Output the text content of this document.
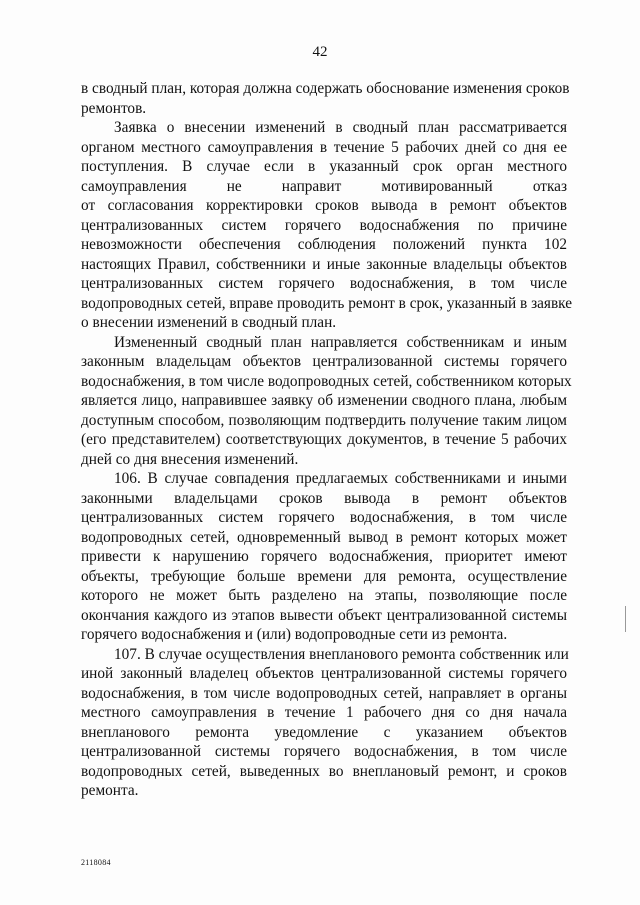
42
в сводный план, которая должна содержать обоснование изменения сроков
ремонтов.
Заявка о внесении изменений в сводный план рассматривается
органом местного самоуправления в течение 5 рабочих дней со дня ее
поступления. В случае если в указанный срок орган местного
самоуправления не направит мотивированный отказ
от согласования корректировки сроков вывода в ремонт объектов
централизованных систем горячего водоснабжения по причине
невозможности обеспечения соблюдения положений пункта 102
настоящих Правил, собственники и иные законные владельцы объектов
централизованных систем горячего водоснабжения, в том числе
водопроводных сетей, вправе проводить ремонт в срок, указанный в заявке
о внесении изменений в сводный план.
Измененный сводный план направляется собственникам и иным
законным владельцам объектов централизованной системы горячего
водоснабжения, в том числе водопроводных сетей, собственником которых
является лицо, направившее заявку об изменении сводного плана, любым
доступным способом, позволяющим подтвердить получение таким лицом
(его представителем) соответствующих документов, в течение 5 рабочих
дней со дня внесения изменений.
106. В случае совпадения предлагаемых собственниками и иными
законными владельцами сроков вывода в ремонт объектов
централизованных систем горячего водоснабжения, в том числе
водопроводных сетей, одновременный вывод в ремонт которых может
привести к нарушению горячего водоснабжения, приоритет имеют
объекты, требующие больше времени для ремонта, осуществление
которого не может быть разделено на этапы, позволяющие после
окончания каждого из этапов вывести объект централизованной системы
горячего водоснабжения и (или) водопроводные сети из ремонта.
107. В случае осуществления внепланового ремонта собственник или
иной законный владелец объектов централизованной системы горячего
водоснабжения, в том числе водопроводных сетей, направляет в органы
местного самоуправления в течение 1 рабочего дня со дня начала
внепланового ремонта уведомление с указанием объектов
централизованной системы горячего водоснабжения, в том числе
водопроводных сетей, выведенных во внеплановый ремонт, и сроков
ремонта.
2118084
